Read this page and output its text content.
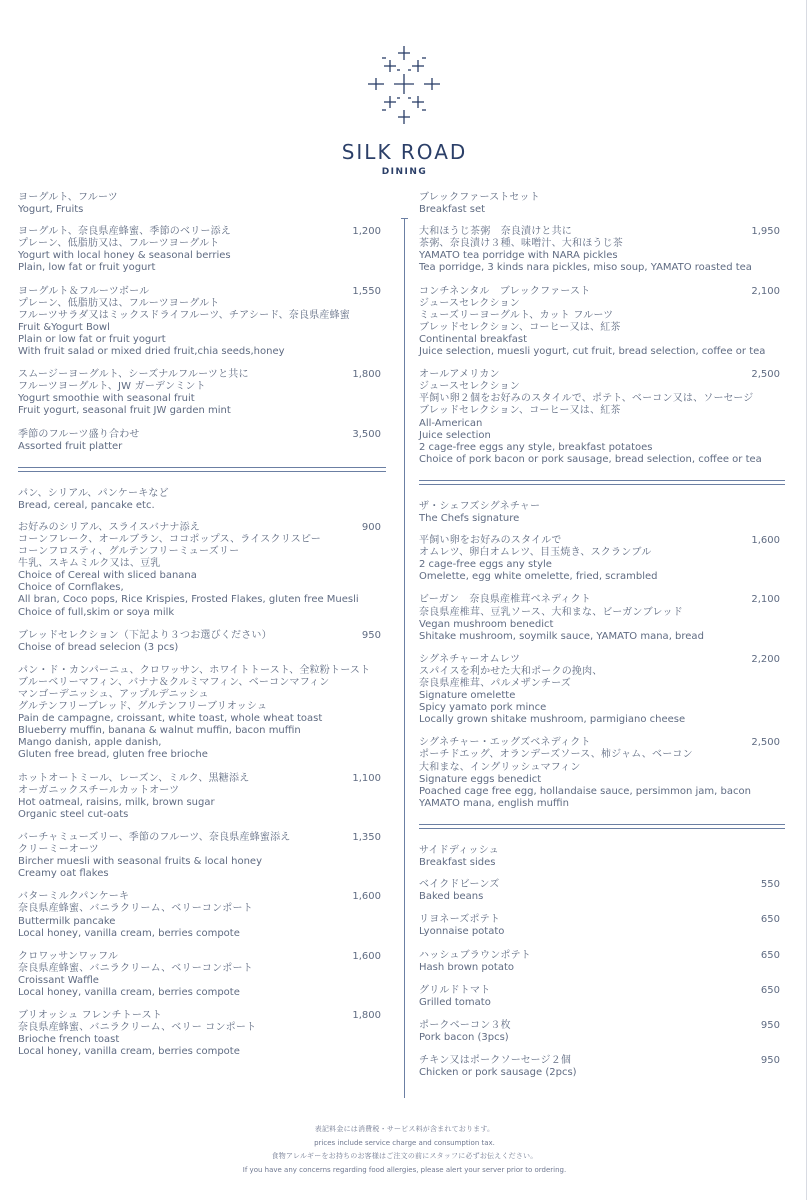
SILK ROAD
DINING
ヨーグルト、フルーツ
Yogurt, Fruits
ヨーグルト、奈良県産蜂蜜、季節のベリー添え
プレーン、低脂肪又は、フルーツヨーグルト
Yogurt with local honey & seasonal berries
Plain, low fat or fruit yogurt
1,200
ヨーグルト＆フルーツボール
プレーン、低脂肪又は、フルーツヨーグルト
フルーツサラダ又はミックスドライフルーツ、チアシード、奈良県産蜂蜜
Fruit &Yogurt Bowl
Plain or low fat or fruit yogurt
With fruit salad or mixed dried fruit,chia seeds,honey
1,550
スムージーヨーグルト、シーズナルフルーツと共に
フルーツヨーグルト、JW ガーデンミント
Yogurt smoothie with seasonal fruit
Fruit yogurt, seasonal fruit JW garden mint
1,800
季節のフルーツ盛り合わせ
Assorted fruit platter
3,500
パン、シリアル、パンケーキなど
Bread, cereal, pancake etc.
お好みのシリアル、スライスバナナ添え
コーンフレーク、オールブラン、ココポップス、ライスクリスピー
コーンフロスティ、グルテンフリーミューズリー
牛乳、スキムミルク又は、豆乳
Choice of Cereal with sliced banana
Choice of Cornflakes,
All bran, Coco pops, Rice Krispies, Frosted Flakes, gluten free Muesli
Choice of full,skim or soya milk
900
ブレッドセレクション（下記より３つお選びください）
Choise of bread selecion (3 pcs)
950
パン・ド・カンパーニュ、クロワッサン、ホワイトトースト、全粒粉トースト
ブルーベリーマフィン、バナナ＆クルミマフィン、ベーコンマフィン
マンゴーデニッシュ、アップルデニッシュ
グルテンフリーブレッド、グルテンフリーブリオッシュ
Pain de campagne, croissant, white toast, whole wheat toast
Blueberry muffin, banana & walnut muffin, bacon muffin
Mango danish, apple danish,
Gluten free bread, gluten free brioche
ホットオートミール、レーズン、ミルク、黒糖添え
オーガニックスチールカットオーツ
Hot oatmeal, raisins, milk, brown sugar
Organic steel cut-oats
1,100
バーチャミューズリー、季節のフルーツ、奈良県産蜂蜜添え
クリーミーオーツ
Bircher muesli with seasonal fruits & local honey
Creamy oat flakes
1,350
バターミルクパンケーキ
奈良県産蜂蜜、バニラクリーム、ベリーコンポート
Buttermilk pancake
Local honey, vanilla cream, berries compote
1,600
クロワッサンワッフル
奈良県産蜂蜜、バニラクリーム、ベリーコンポート
Croissant Waffle
Local honey, vanilla cream, berries compote
1,600
ブリオッシュ フレンチトースト
奈良県産蜂蜜、バニラクリーム、ベリー コンポート
Brioche french toast
Local honey, vanilla cream, berries compote
1,800
ブレックファーストセット
Breakfast set
大和ほうじ茶粥　奈良漬けと共に
茶粥、奈良漬け３種、味噌汁、大和ほうじ茶
YAMATO tea porridge with NARA pickles
Tea porridge, 3 kinds nara pickles, miso soup, YAMATO roasted tea
1,950
コンチネンタル　ブレックファースト
ジュースセレクション
ミューズリーヨーグルト、カット フルーツ
ブレッドセレクション、コーヒー又は、紅茶
Continental breakfast
Juice selection, muesli yogurt, cut fruit, bread selection, coffee or tea
2,100
オールアメリカン
ジュースセレクション
平飼い卵２個をお好みのスタイルで、ポテト、ベーコン又は、ソーセージ
ブレッドセレクション、コーヒー又は、紅茶
All-American
Juice selection
2 cage-free eggs any style, breakfast potatoes
Choice of pork bacon or pork sausage, bread selection, coffee or tea
2,500
ザ・シェフズシグネチャー
The Chefs signature
平飼い卵をお好みのスタイルで
オムレツ、卵白オムレツ、目玉焼き、スクランブル
2 cage-free eggs any style
Omelette, egg white omelette, fried, scrambled
1,600
ビーガン　奈良県産椎茸ベネディクト
奈良県産椎茸、豆乳ソース、大和まな、ビーガンブレッド
Vegan mushroom benedict
Shitake mushroom, soymilk sauce, YAMATO mana, bread
2,100
シグネチャーオムレツ
スパイスを利かせた大和ポークの挽肉、
奈良県産椎茸、パルメザンチーズ
Signature omelette
Spicy yamato pork mince
Locally grown shitake mushroom, parmigiano cheese
2,200
シグネチャー・エッグズベネディクト
ポーチドエッグ、オランデーズソース、柿ジャム、ベーコン
大和まな、イングリッシュマフィン
Signature eggs benedict
Poached cage free egg, hollandaise sauce, persimmon jam, bacon
YAMATO mana, english muffin
2,500
サイドディッシュ
Breakfast sides
ベイクドビーンズ
Baked beans
550
リヨネーズポテト
Lyonnaise potato
650
ハッシュブラウンポテト
Hash brown potato
650
グリルドトマト
Grilled tomato
650
ポークベーコン３枚
Pork bacon (3pcs)
950
チキン又はポークソーセージ２個
Chicken or pork sausage (2pcs)
950
表記料金には消費税・サービス料が含まれております。
prices include service charge and consumption tax.
食物アレルギーをお持ちのお客様はご注文の前にスタッフに必ずお伝えください。
If you have any concerns regarding food allergies, please alert your server prior to ordering.
